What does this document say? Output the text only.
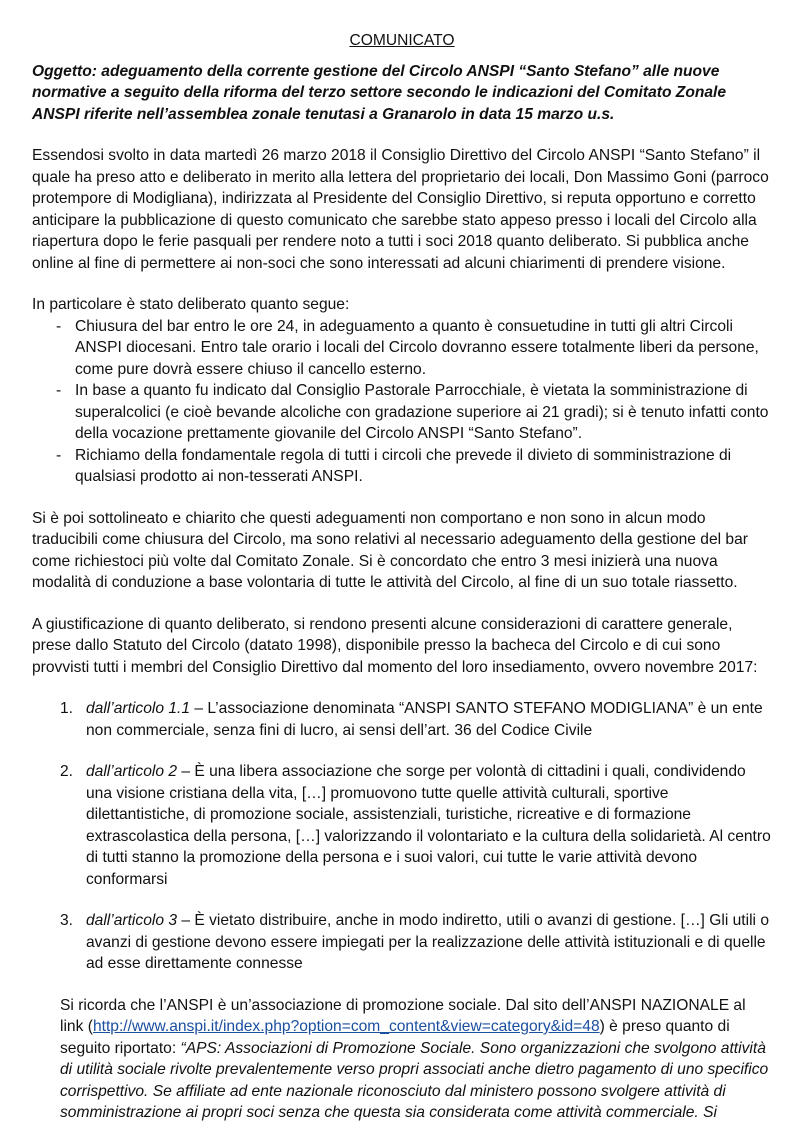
COMUNICATO

Oggetto: adeguamento della corrente gestione del Circolo ANSPI “Santo Stefano” alle nuove normative a seguito della riforma del terzo settore secondo le indicazioni del Comitato Zonale ANSPI riferite nell’assemblea zonale tenutasi a Granarolo in data 15 marzo u.s.

Essendosi svolto in data martedì 26 marzo 2018 il Consiglio Direttivo del Circolo ANSPI “Santo Stefano” il quale ha preso atto e deliberato in merito alla lettera del proprietario dei locali, Don Massimo Goni (parroco protempore di Modigliana), indirizzata al Presidente del Consiglio Direttivo, si reputa opportuno e corretto anticipare la pubblicazione di questo comunicato che sarebbe stato appeso presso i locali del Circolo alla riapertura dopo le ferie pasquali per rendere noto a tutti i soci 2018 quanto deliberato. Si pubblica anche online al fine di permettere ai non-soci che sono interessati ad alcuni chiarimenti di prendere visione.

In particolare è stato deliberato quanto segue:

- Chiusura del bar entro le ore 24, in adeguamento a quanto è consuetudine in tutti gli altri Circoli ANSPI diocesani. Entro tale orario i locali del Circolo dovranno essere totalmente liberi da persone, come pure dovrà essere chiuso il cancello esterno.
- In base a quanto fu indicato dal Consiglio Pastorale Parrocchiale, è vietata la somministrazione di superalcolici (e cioè bevande alcoliche con gradazione superiore ai 21 gradi); si è tenuto infatti conto della vocazione prettamente giovanile del Circolo ANSPI “Santo Stefano”.
- Richiamo della fondamentale regola di tutti i circoli che prevede il divieto di somministrazione di qualsiasi prodotto ai non-tesserati ANSPI.

Si è poi sottolineato e chiarito che questi adeguamenti non comportano e non sono in alcun modo traducibili come chiusura del Circolo, ma sono relativi al necessario adeguamento della gestione del bar come richiestoci più volte dal Comitato Zonale. Si è concordato che entro 3 mesi inizierà una nuova modalità di conduzione a base volontaria di tutte le attività del Circolo, al fine di un suo totale riassetto.

A giustificazione di quanto deliberato, si rendono presenti alcune considerazioni di carattere generale, prese dallo Statuto del Circolo (datato 1998), disponibile presso la bacheca del Circolo e di cui sono provvisti tutti i membri del Consiglio Direttivo dal momento del loro insediamento, ovvero novembre 2017:

1. dall’articolo 1.1 – L’associazione denominata “ANSPI SANTO STEFANO MODIGLIANA” è un ente non commerciale, senza fini di lucro, ai sensi dell’art. 36 del Codice Civile
2. dall’articolo 2 – È una libera associazione che sorge per volontà di cittadini i quali, condividendo una visione cristiana della vita, […] promuovono tutte quelle attività culturali, sportive dilettantistiche, di promozione sociale, assistenziali, turistiche, ricreative e di formazione extrascolastica della persona, […] valorizzando il volontariato e la cultura della solidarietà. Al centro di tutti stanno la promozione della persona e i suoi valori, cui tutte le varie attività devono conformarsi
3. dall’articolo 3 – È vietato distribuire, anche in modo indiretto, utili o avanzi di gestione. […] Gli utili o avanzi di gestione devono essere impiegati per la realizzazione delle attività istituzionali e di quelle ad esse direttamente connesse

Si ricorda che l’ANSPI è un’associazione di promozione sociale. Dal sito dell’ANSPI NAZIONALE al link (http://www.anspi.it/index.php?option=com_content&view=category&id=48) è preso quanto di seguito riportato: “APS: Associazioni di Promozione Sociale. Sono organizzazioni che svolgono attività di utilità sociale rivolte prevalentemente verso propri associati anche dietro pagamento di uno specifico corrispettivo. Se affiliate ad ente nazionale riconosciuto dal ministero possono svolgere attività di somministrazione ai propri soci senza che questa sia considerata come attività commerciale. Si
